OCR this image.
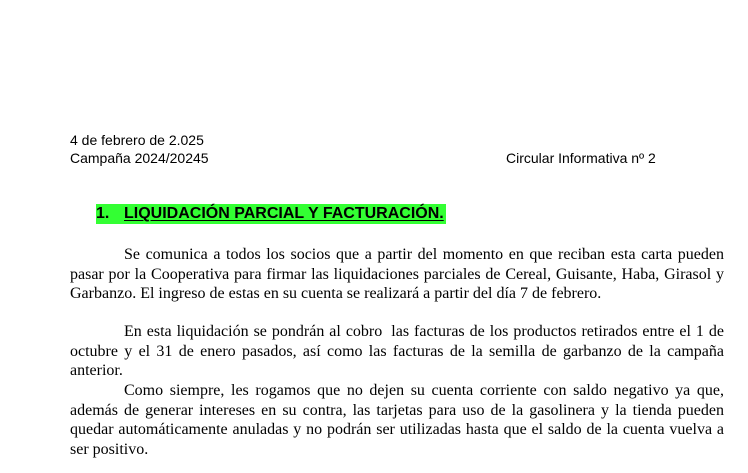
4 de febrero de 2.025
Campaña 2024/20245	Circular Informativa nº 2
1. LIQUIDACIÓN PARCIAL Y FACTURACIÓN.

Se comunica a todos los socios que a partir del momento en que reciban esta carta pueden pasar por la Cooperativa para firmar las liquidaciones parciales de Cereal, Guisante, Haba, Girasol y Garbanzo. El ingreso de estas en su cuenta se realizará a partir del día 7 de febrero.

En esta liquidación se pondrán al cobro las facturas de los productos retirados entre el 1 de octubre y el 31 de enero pasados, así como las facturas de la semilla de garbanzo de la campaña anterior.

Como siempre, les rogamos que no dejen su cuenta corriente con saldo negativo ya que, además de generar intereses en su contra, las tarjetas para uso de la gasolinera y la tienda pueden quedar automáticamente anuladas y no podrán ser utilizadas hasta que el saldo de la cuenta vuelva a ser positivo.
